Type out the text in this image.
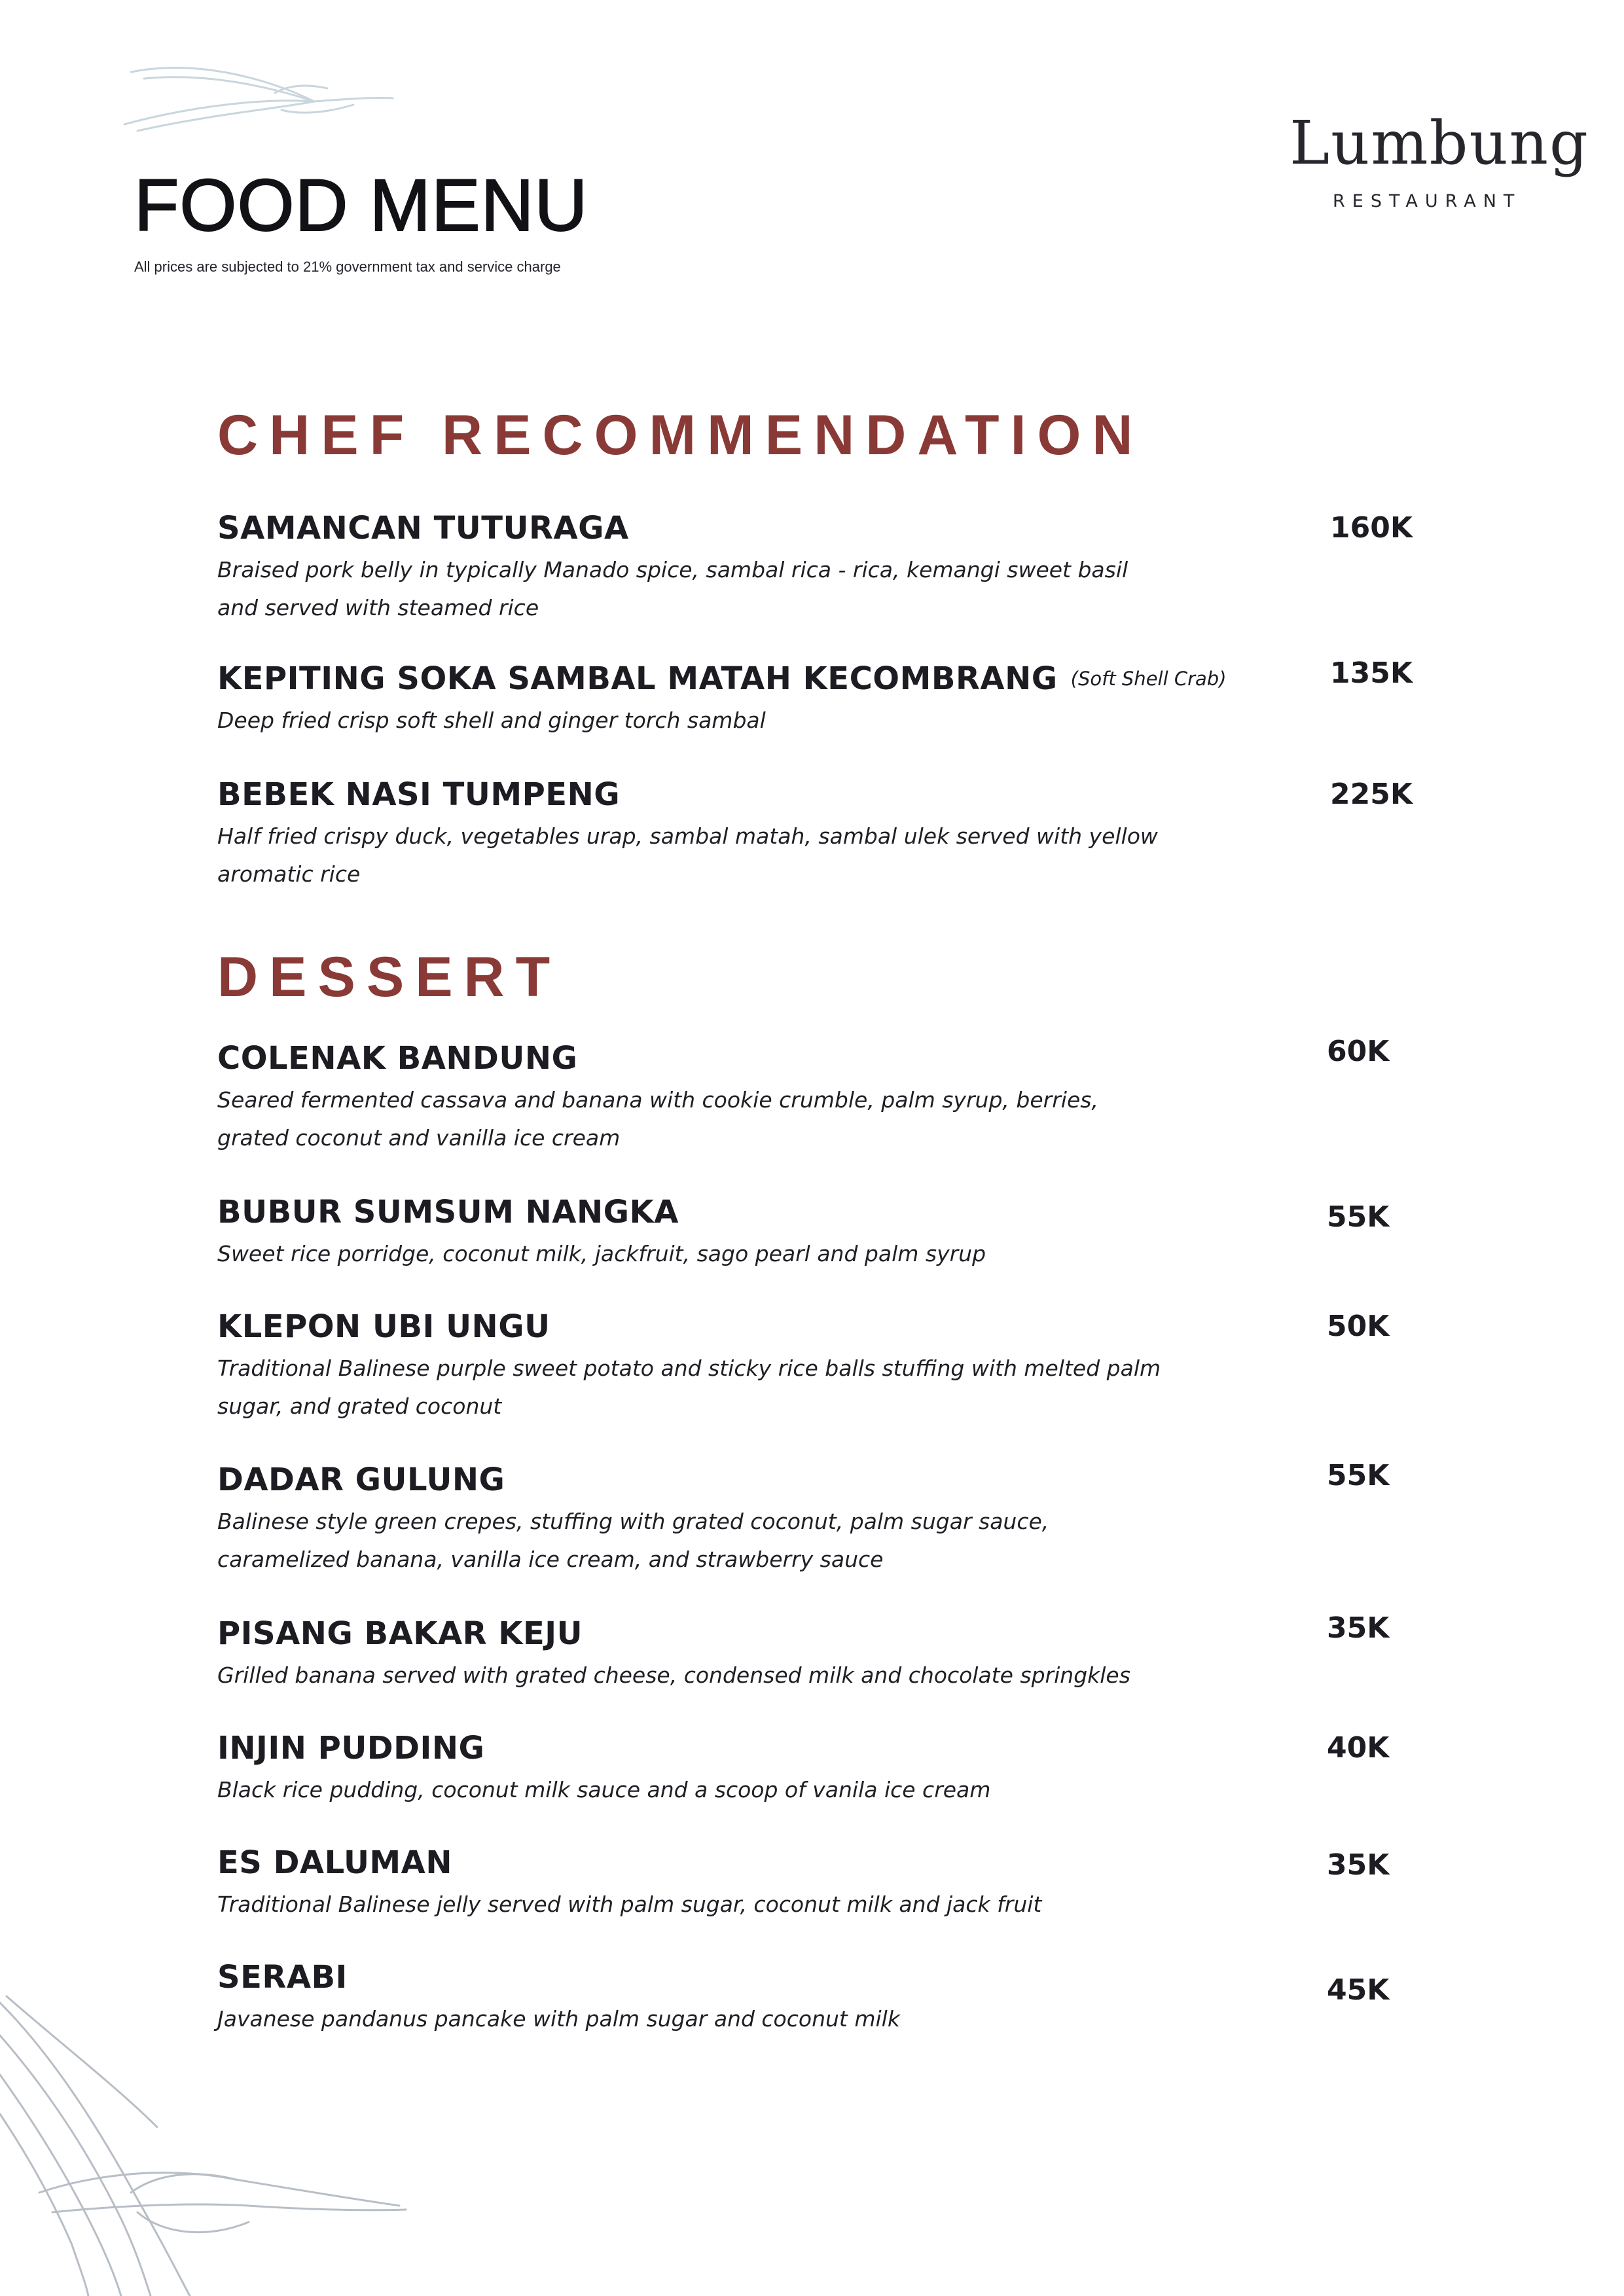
Lumbung
RESTAURANT
FOOD MENU
All prices are subjected to 21% government tax and service charge
CHEF RECOMMENDATION
SAMANCAN TUTURAGA
Braised pork belly in typically Manado spice, sambal rica - rica, kemangi sweet basil and served with steamed rice
160K
KEPITING SOKA SAMBAL MATAH KECOMBRANG (Soft Shell Crab)
Deep fried crisp soft shell and ginger torch sambal
135K
BEBEK NASI TUMPENG
Half fried crispy duck, vegetables urap, sambal matah, sambal ulek served with yellow aromatic rice
225K
DESSERT
COLENAK BANDUNG
Seared fermented cassava and banana with cookie crumble, palm syrup, berries, grated coconut and vanilla ice cream
60K
BUBUR SUMSUM NANGKA
Sweet rice porridge, coconut milk, jackfruit, sago pearl and palm syrup
55K
KLEPON UBI UNGU
Traditional Balinese purple sweet potato and sticky rice balls stuffing with melted palm sugar, and grated coconut
50K
DADAR GULUNG
Balinese style green crepes, stuffing with grated coconut, palm sugar sauce, caramelized banana, vanilla ice cream, and strawberry sauce
55K
PISANG BAKAR KEJU
Grilled banana served with grated cheese, condensed milk and chocolate springkles
35K
INJIN PUDDING
Black rice pudding, coconut milk sauce and a scoop of vanila ice cream
40K
ES DALUMAN
Traditional Balinese jelly served with palm sugar, coconut milk and jack fruit
35K
SERABI
Javanese pandanus pancake with palm sugar and coconut milk
45K
